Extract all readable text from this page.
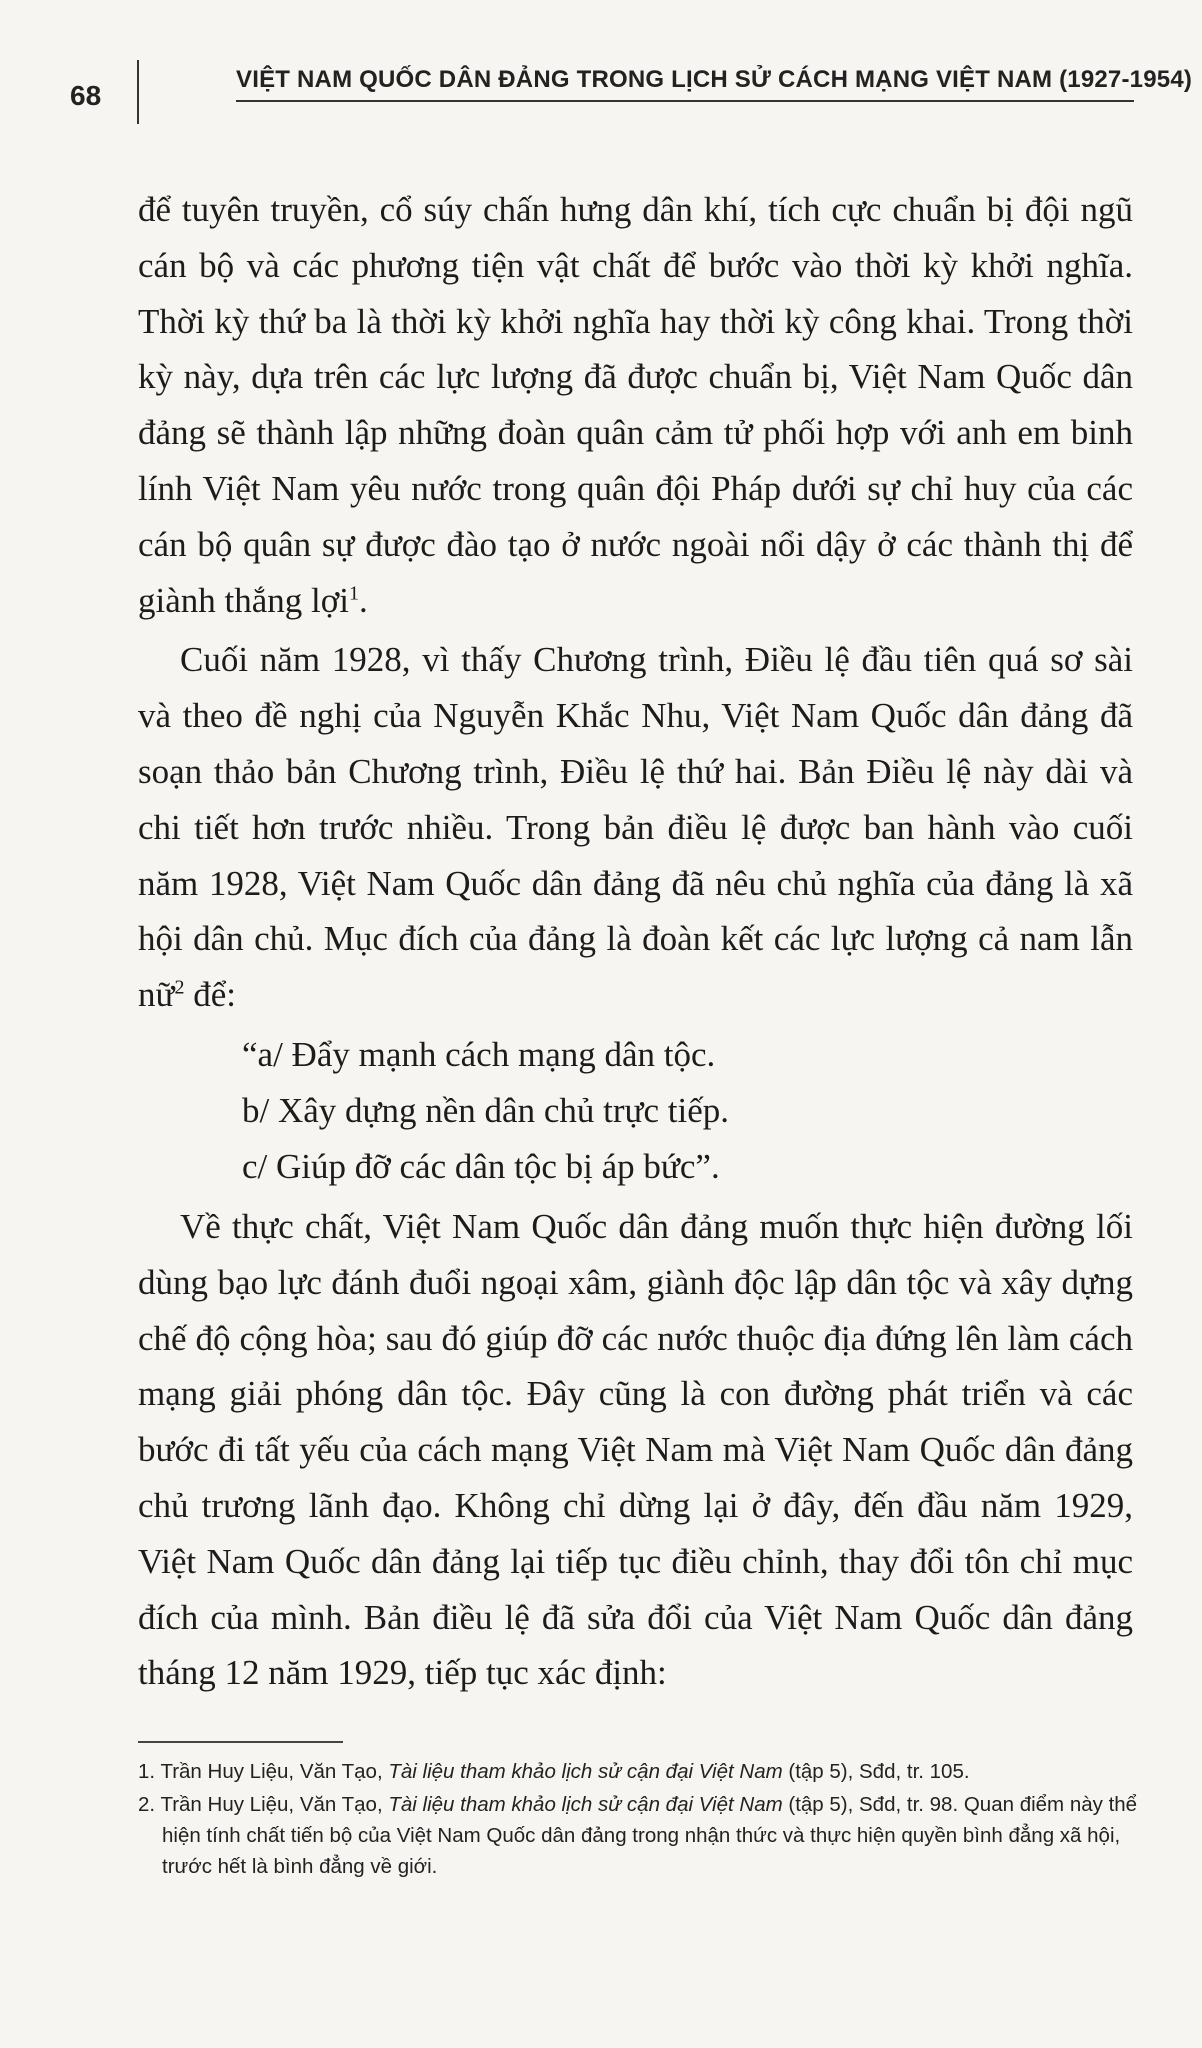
68
VIỆT NAM QUỐC DÂN ĐẢNG TRONG LỊCH SỬ CÁCH MẠNG VIỆT NAM (1927-1954)

để tuyên truyền, cổ súy chấn hưng dân khí, tích cực chuẩn bị đội ngũ cán bộ và các phương tiện vật chất để bước vào thời kỳ khởi nghĩa. Thời kỳ thứ ba là thời kỳ khởi nghĩa hay thời kỳ công khai. Trong thời kỳ này, dựa trên các lực lượng đã được chuẩn bị, Việt Nam Quốc dân đảng sẽ thành lập những đoàn quân cảm tử phối hợp với anh em binh lính Việt Nam yêu nước trong quân đội Pháp dưới sự chỉ huy của các cán bộ quân sự được đào tạo ở nước ngoài nổi dậy ở các thành thị để giành thắng lợi$^1$.

Cuối năm 1928, vì thấy Chương trình, Điều lệ đầu tiên quá sơ sài và theo đề nghị của Nguyễn Khắc Nhu, Việt Nam Quốc dân đảng đã soạn thảo bản Chương trình, Điều lệ thứ hai. Bản Điều lệ này dài và chi tiết hơn trước nhiều. Trong bản điều lệ được ban hành vào cuối năm 1928, Việt Nam Quốc dân đảng đã nêu chủ nghĩa của đảng là xã hội dân chủ. Mục đích của đảng là đoàn kết các lực lượng cả nam lẫn nữ$^2$ để:

“a/ Đẩy mạnh cách mạng dân tộc.

b/ Xây dựng nền dân chủ trực tiếp.

c/ Giúp đỡ các dân tộc bị áp bức”.

Về thực chất, Việt Nam Quốc dân đảng muốn thực hiện đường lối dùng bạo lực đánh đuổi ngoại xâm, giành độc lập dân tộc và xây dựng chế độ cộng hòa; sau đó giúp đỡ các nước thuộc địa đứng lên làm cách mạng giải phóng dân tộc. Đây cũng là con đường phát triển và các bước đi tất yếu của cách mạng Việt Nam mà Việt Nam Quốc dân đảng chủ trương lãnh đạo. Không chỉ dừng lại ở đây, đến đầu năm 1929, Việt Nam Quốc dân đảng lại tiếp tục điều chỉnh, thay đổi tôn chỉ mục đích của mình. Bản điều lệ đã sửa đổi của Việt Nam Quốc dân đảng tháng 12 năm 1929, tiếp tục xác định:

1. Trần Huy Liệu, Văn Tạo, Tài liệu tham khảo lịch sử cận đại Việt Nam (tập 5), Sđd, tr. 105.

2. Trần Huy Liệu, Văn Tạo, Tài liệu tham khảo lịch sử cận đại Việt Nam (tập 5), Sđd, tr. 98. Quan điểm này thể hiện tính chất tiến bộ của Việt Nam Quốc dân đảng trong nhận thức và thực hiện quyền bình đẳng xã hội, trước hết là bình đẳng về giới.
